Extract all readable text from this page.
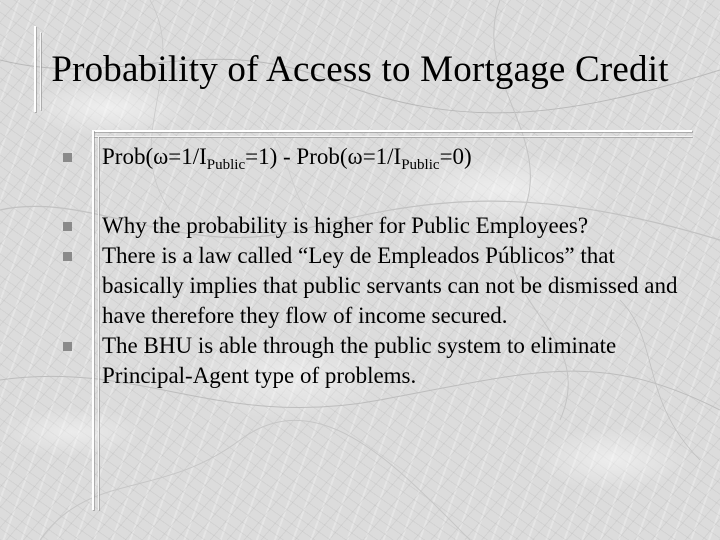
Probability of Access to Mortgage Credit
$Prob(\omega=1/I_{Public}=1)$ - $Prob(\omega=1/I_{Public}=0)$
Why the probability is higher for Public Employees?
There is a law called “Ley de Empleados Públicos” that basically implies that public servants can not be dismissed and have therefore they flow of income secured.
The BHU is able through the public system to eliminate Principal-Agent type of problems.
